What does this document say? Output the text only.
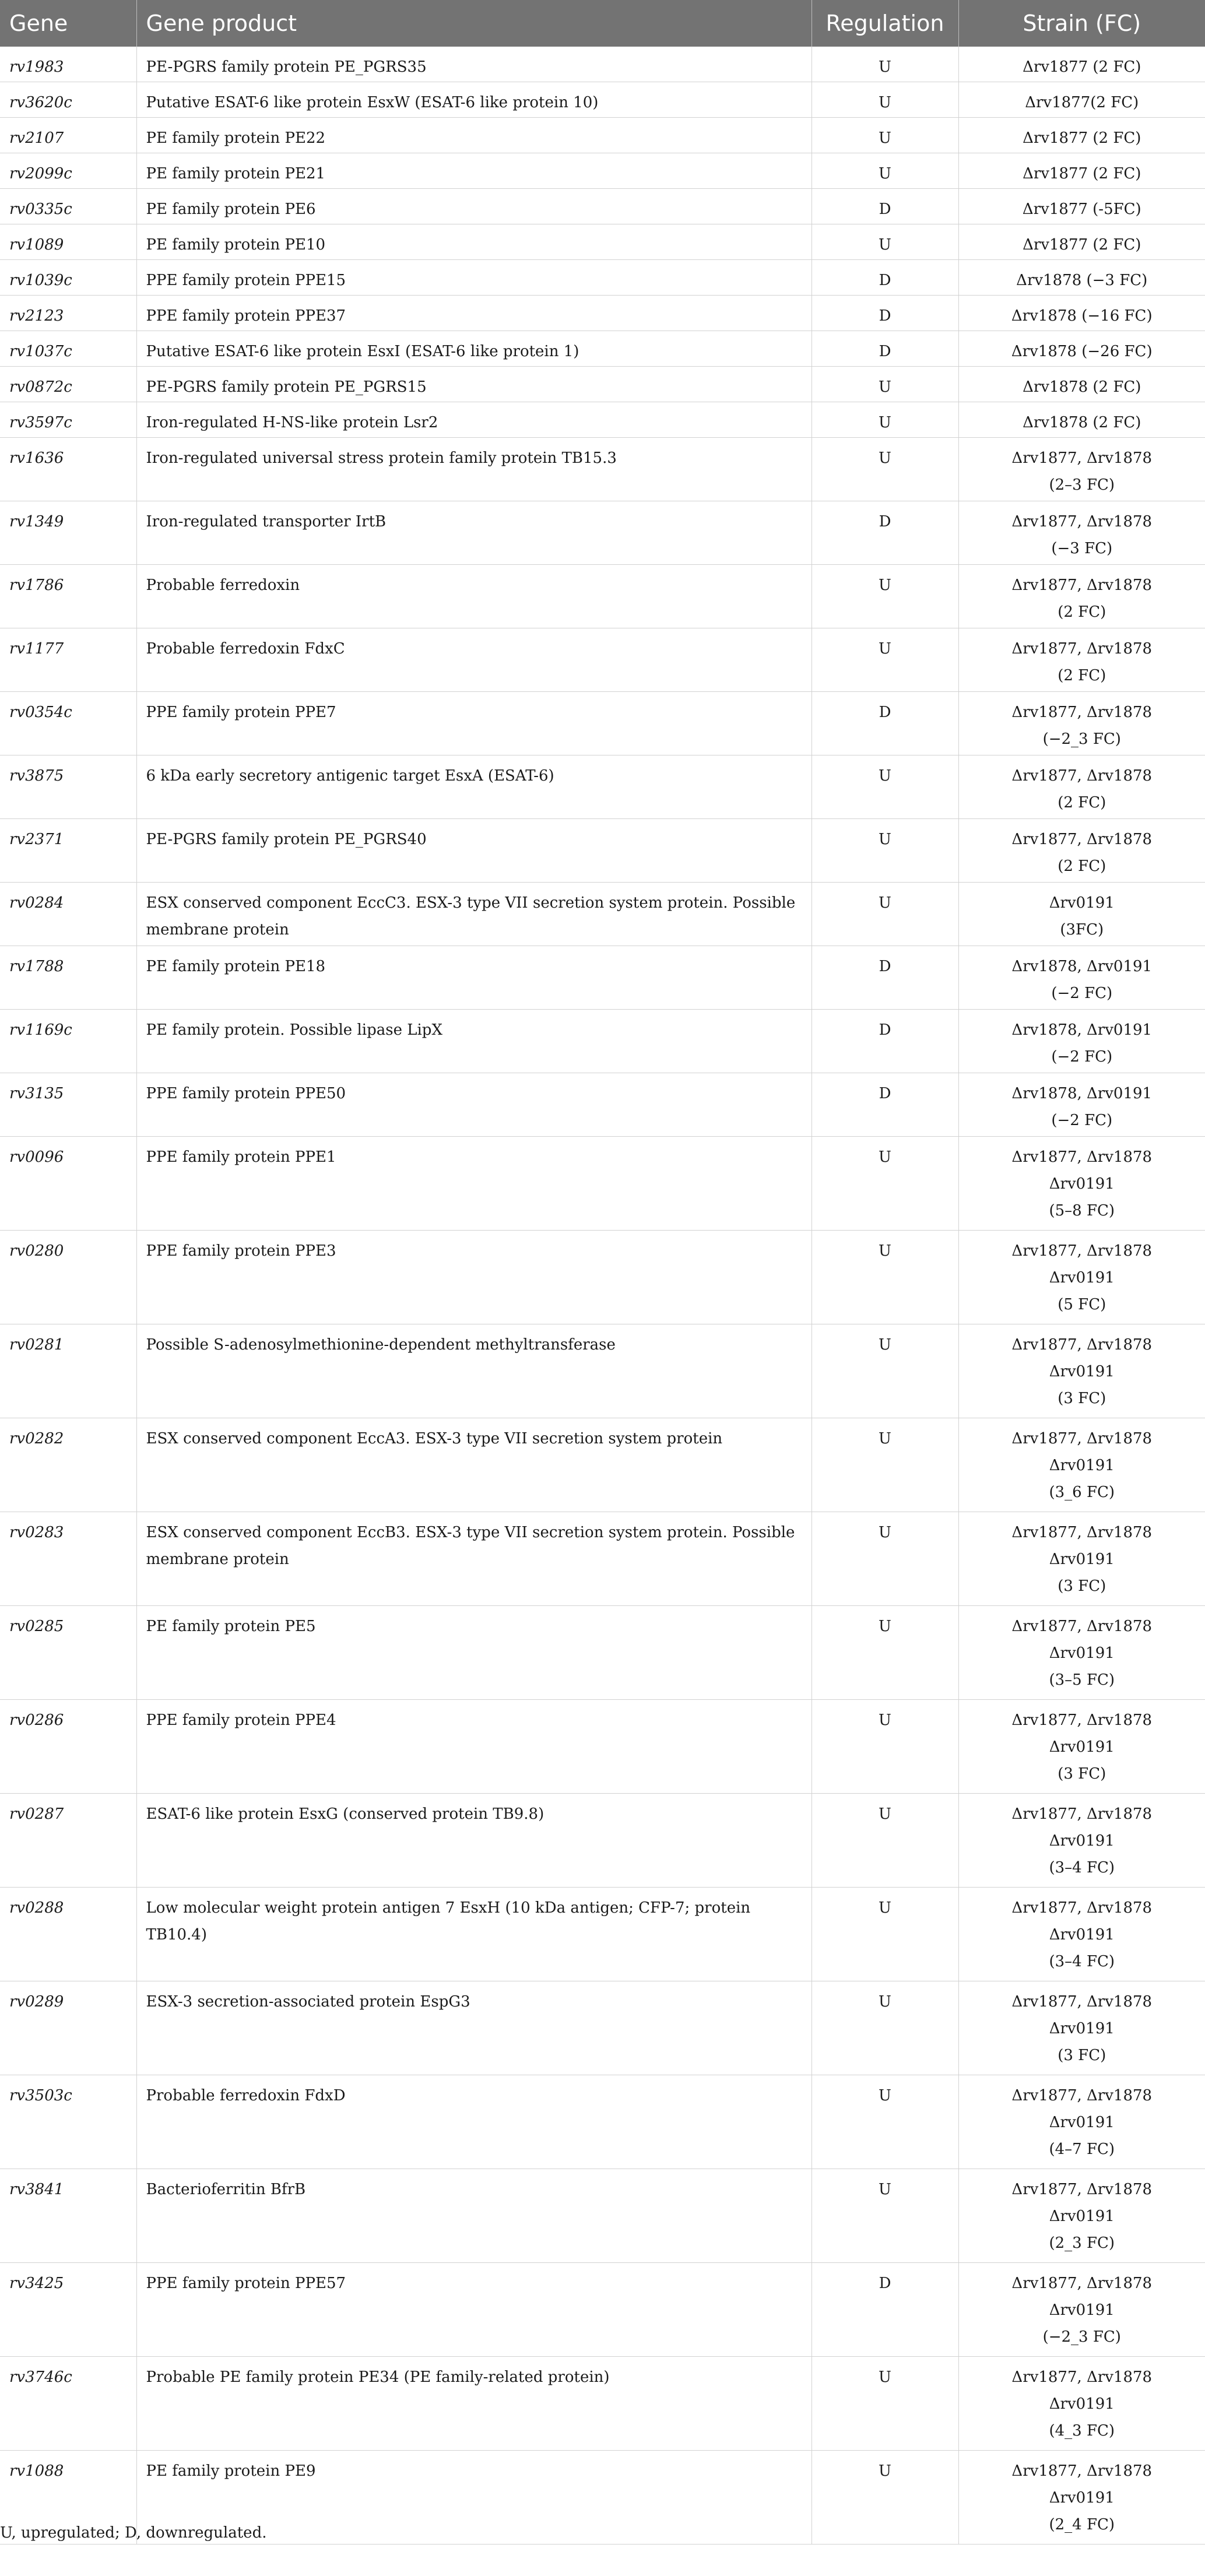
Gene	Gene product	Regulation	Strain (FC)
rv1983	PE-PGRS family protein PE_PGRS35	U	Δrv1877 (2 FC)

rv3620c	Putative ESAT-6 like protein EsxW (ESAT-6 like protein 10)	U	Δrv1877(2 FC)

rv2107	PE family protein PE22	U	Δrv1877 (2 FC)

rv2099c	PE family protein PE21	U	Δrv1877 (2 FC)

rv0335c	PE family protein PE6	D	Δrv1877 (-5FC)

rv1089	PE family protein PE10	U	Δrv1877 (2 FC)

rv1039c	PPE family protein PPE15	D	Δrv1878 (−3 FC)

rv2123	PPE family protein PPE37	D	Δrv1878 (−16 FC)

rv1037c	Putative ESAT-6 like protein EsxI (ESAT-6 like protein 1)	D	Δrv1878 (−26 FC)

rv0872c	PE-PGRS family protein PE_PGRS15	U	Δrv1878 (2 FC)

rv3597c	Iron-regulated H-NS-like protein Lsr2	U	Δrv1878 (2 FC)

rv1636	Iron-regulated universal stress protein family protein TB15.3	U	Δrv1877, Δrv1878
(2–3 FC)

rv1349	Iron-regulated transporter IrtB	D	Δrv1877, Δrv1878
(−3 FC)

rv1786	Probable ferredoxin	U	Δrv1877, Δrv1878
(2 FC)

rv1177	Probable ferredoxin FdxC	U	Δrv1877, Δrv1878
(2 FC)

rv0354c	PPE family protein PPE7	D	Δrv1877, Δrv1878
(−2_3 FC)

rv3875	6 kDa early secretory antigenic target EsxA (ESAT-6)	U	Δrv1877, Δrv1878
(2 FC)

rv2371	PE-PGRS family protein PE_PGRS40	U	Δrv1877, Δrv1878
(2 FC)

rv0284	ESX conserved component EccC3. ESX-3 type VII secretion system protein. Possible membrane protein	U	Δrv0191
(3FC)

rv1788	PE family protein PE18	D	Δrv1878, Δrv0191
(−2 FC)

rv1169c	PE family protein. Possible lipase LipX	D	Δrv1878, Δrv0191
(−2 FC)

rv3135	PPE family protein PPE50	D	Δrv1878, Δrv0191
(−2 FC)

rv0096	PPE family protein PPE1	U	Δrv1877, Δrv1878
Δrv0191
(5–8 FC)

rv0280	PPE family protein PPE3	U	Δrv1877, Δrv1878
Δrv0191
(5 FC)

rv0281	Possible S-adenosylmethionine-dependent methyltransferase	U	Δrv1877, Δrv1878
Δrv0191
(3 FC)

rv0282	ESX conserved component EccA3. ESX-3 type VII secretion system protein	U	Δrv1877, Δrv1878
Δrv0191
(3_6 FC)

rv0283	ESX conserved component EccB3. ESX-3 type VII secretion system protein. Possible membrane protein	U	Δrv1877, Δrv1878
Δrv0191
(3 FC)

rv0285	PE family protein PE5	U	Δrv1877, Δrv1878
Δrv0191
(3–5 FC)

rv0286	PPE family protein PPE4	U	Δrv1877, Δrv1878
Δrv0191
(3 FC)

rv0287	ESAT-6 like protein EsxG (conserved protein TB9.8)	U	Δrv1877, Δrv1878
Δrv0191
(3–4 FC)

rv0288	Low molecular weight protein antigen 7 EsxH (10 kDa antigen; CFP-7; protein TB10.4)	U	Δrv1877, Δrv1878
Δrv0191
(3–4 FC)

rv0289	ESX-3 secretion-associated protein EspG3	U	Δrv1877, Δrv1878
Δrv0191
(3 FC)

rv3503c	Probable ferredoxin FdxD	U	Δrv1877, Δrv1878
Δrv0191
(4–7 FC)

rv3841	Bacterioferritin BfrB	U	Δrv1877, Δrv1878
Δrv0191
(2_3 FC)

rv3425	PPE family protein PPE57	D	Δrv1877, Δrv1878
Δrv0191
(−2_3 FC)

rv3746c	Probable PE family protein PE34 (PE family-related protein)	U	Δrv1877, Δrv1878
Δrv0191
(4_3 FC)

rv1088	PE family protein PE9	U	Δrv1877, Δrv1878
Δrv0191
(2_4 FC)
U, upregulated; D, downregulated.
